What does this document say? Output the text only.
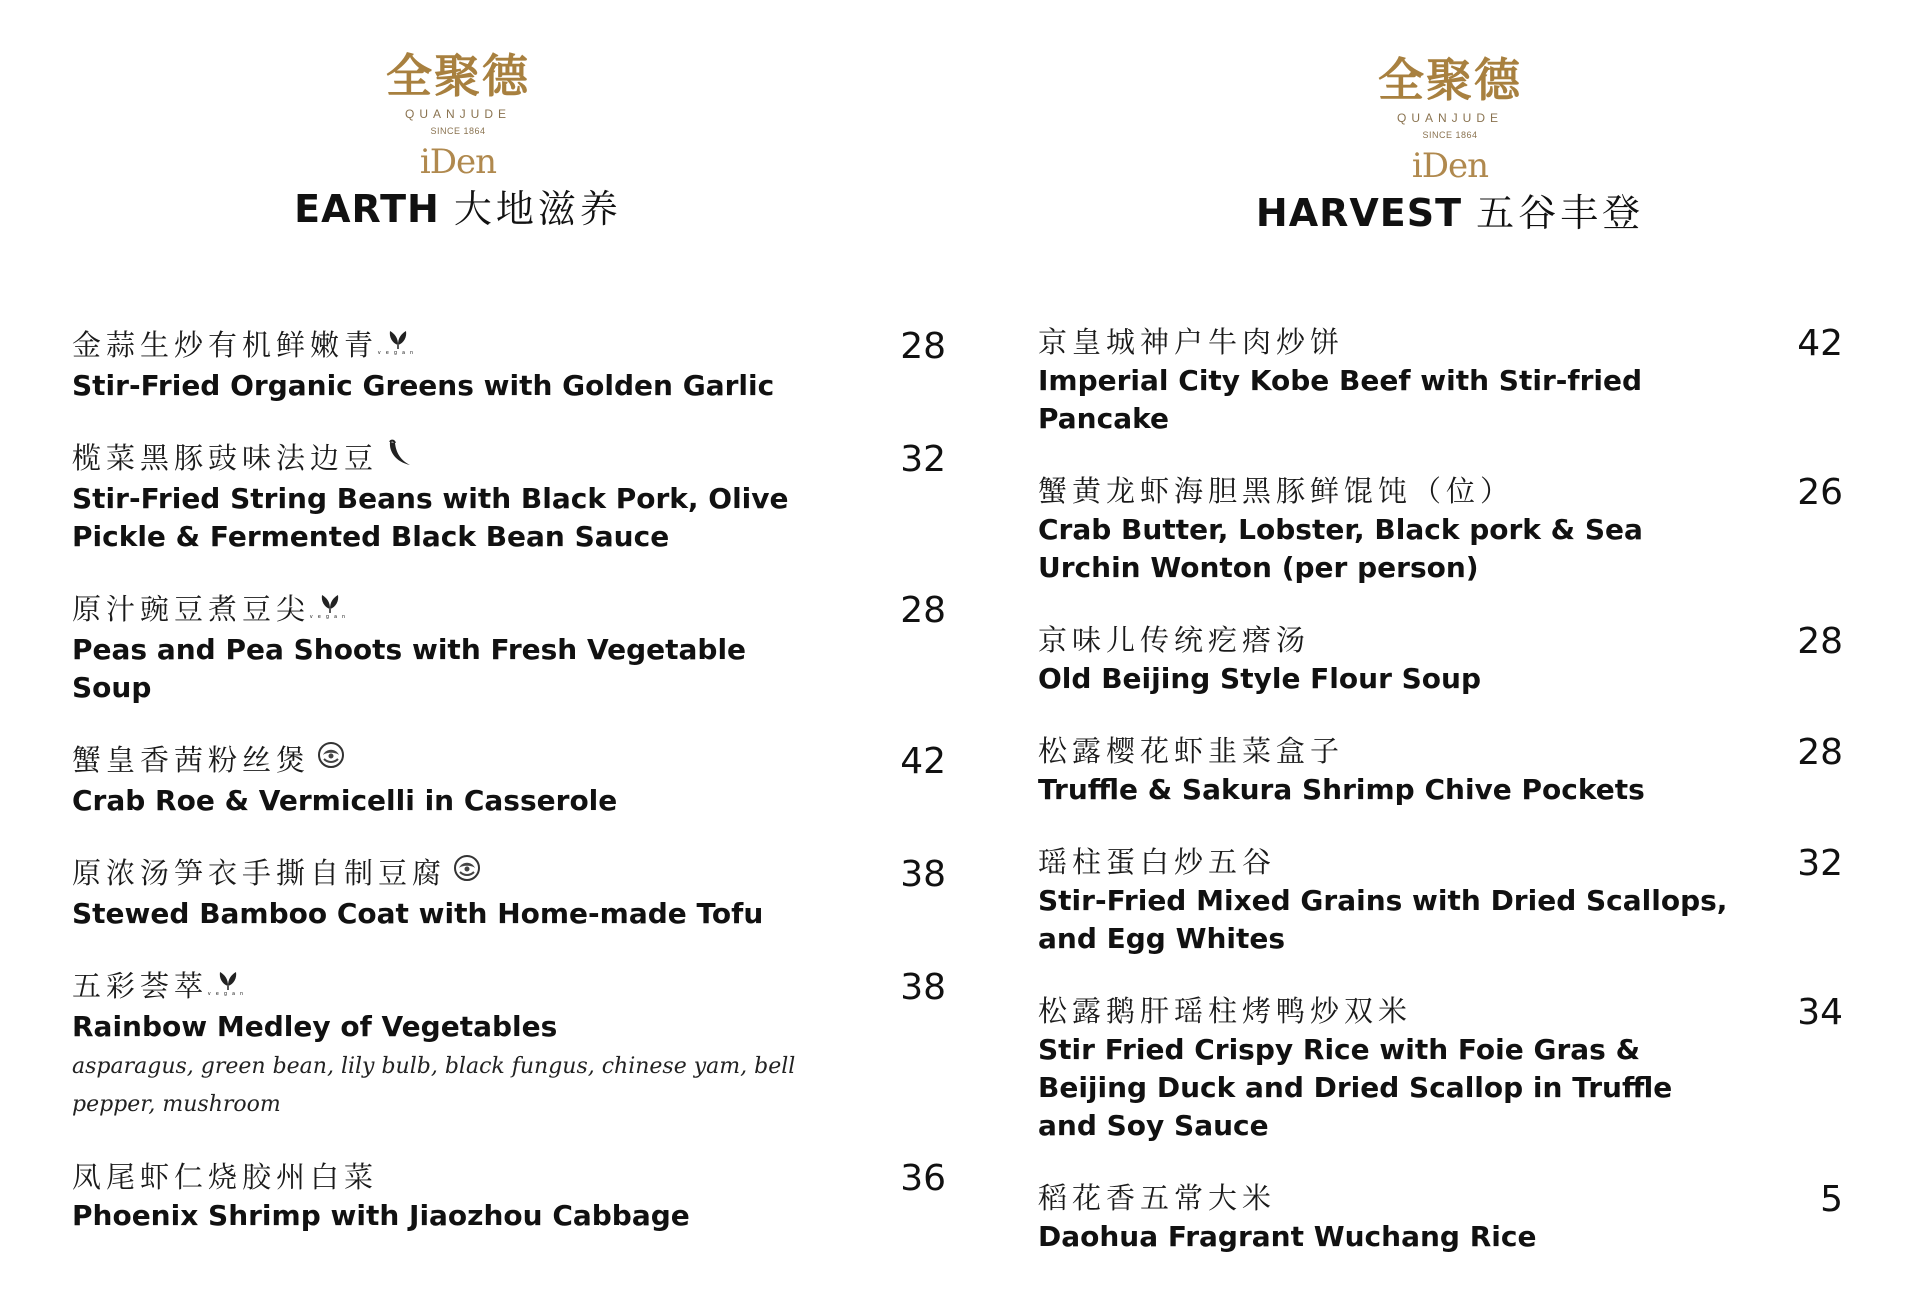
全聚德
QUANJUDE
SINCE 1864
iDen
EARTH 大地滋养
金蒜生炒有机鲜嫩青 vegan
Stir-Fried Organic Greens with Golden Garlic
28
榄菜黑豚豉味法边豆
Stir-Fried String Beans with Black Pork, Olive Pickle & Fermented Black Bean Sauce
32
原汁豌豆煮豆尖 vegan
Peas and Pea Shoots with Fresh Vegetable Soup
28
蟹皇香茜粉丝煲
Crab Roe & Vermicelli in Casserole
42
原浓汤笋衣手撕自制豆腐
Stewed Bamboo Coat with Home-made Tofu
38
五彩荟萃 vegan
Rainbow Medley of Vegetables
asparagus, green bean, lily bulb, black fungus, chinese yam, bell pepper, mushroom
38
凤尾虾仁烧胶州白菜
Phoenix Shrimp with Jiaozhou Cabbage
36
全聚德
QUANJUDE
SINCE 1864
iDen
HARVEST 五谷丰登
京皇城神户牛肉炒饼
Imperial City Kobe Beef with Stir-fried Pancake
42
蟹黄龙虾海胆黑豚鲜馄饨（位）
Crab Butter, Lobster, Black pork & Sea Urchin Wonton (per person)
26
京味儿传统疙瘩汤
Old Beijing Style Flour Soup
28
松露樱花虾韭菜盒子
Truffle & Sakura Shrimp Chive Pockets
28
瑶柱蛋白炒五谷
Stir-Fried Mixed Grains with Dried Scallops, and Egg Whites
32
松露鹅肝瑶柱烤鸭炒双米
Stir Fried Crispy Rice with Foie Gras & Beijing Duck and Dried Scallop in Truffle and Soy Sauce
34
稻花香五常大米
Daohua Fragrant Wuchang Rice
5
